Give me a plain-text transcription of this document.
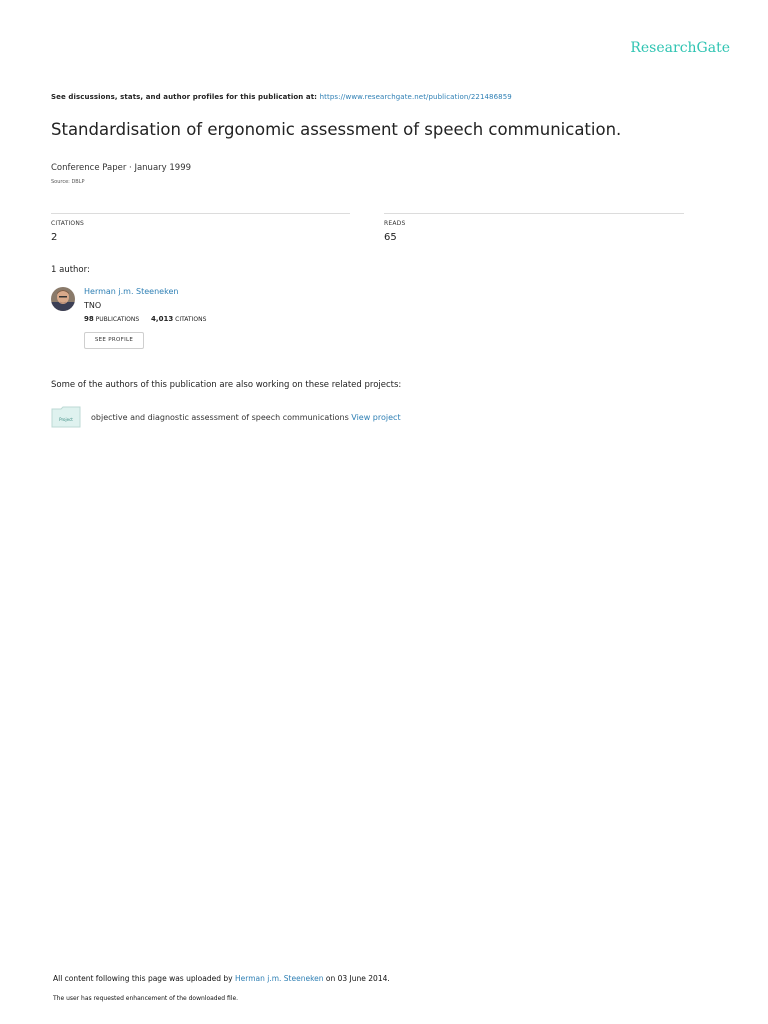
ResearchGate
See discussions, stats, and author profiles for this publication at: https://www.researchgate.net/publication/221486859
Standardisation of ergonomic assessment of speech communication.
Conference Paper · January 1999
Source: DBLP
CITATIONS
2
READS
65
1 author:
Herman j.m. Steeneken
TNO
98 PUBLICATIONS 4,013 CITATIONS
SEE PROFILE
Some of the authors of this publication are also working on these related projects:
Project objective and diagnostic assessment of speech communications View project
All content following this page was uploaded by Herman j.m. Steeneken on 03 June 2014.
The user has requested enhancement of the downloaded file.
